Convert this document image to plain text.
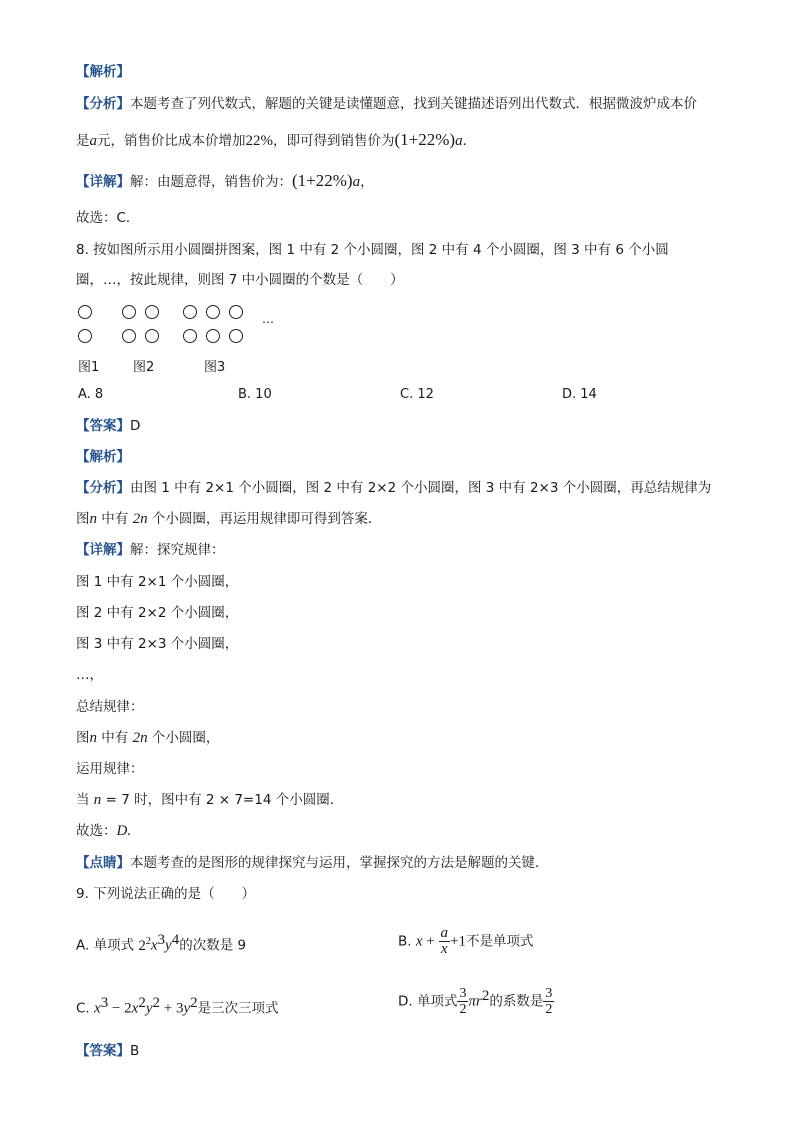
【解析】
【分析】本题考查了列代数式，解题的关键是读懂题意，找到关键描述语列出代数式．根据微波炉成本价
是a元，销售价比成本价增加22%，即可得到销售价为(1+22%)a．
【详解】解：由题意得，销售价为：(1+22%)a，
故选：C．
8. 按如图所示用小圆圈拼图案，图 1 中有 2 个小圆圈，图 2 中有 4 个小圆圈，图 3 中有 6 个小圆
圈，…，按此规律，则图 7 中小圆圈的个数是（　　）
…
图1	图2	图3
A. 8	B. 10	C. 12	D. 14
【答案】D
【解析】
【分析】由图 1 中有 2×1 个小圆圈，图 2 中有 2×2 个小圆圈，图 3 中有 2×3 个小圆圈，再总结规律为
图n 中有 2n 个小圆圈，再运用规律即可得到答案．
【详解】解：探究规律：
图 1 中有 2×1 个小圆圈，
图 2 中有 2×2 个小圆圈，
图 3 中有 2×3 个小圆圈，
…，
总结规律：
图n 中有 2n 个小圆圈，
运用规律：
当 n = 7 时，图中有 2 × 7=14 个小圆圈．
故选：D.
【点睛】本题考查的是图形的规律探究与运用，掌握探究的方法是解题的关键．
9. 下列说法正确的是（　　）
A. 单项式 $2^2x^3y^4$的次数是 9	B. $x + \frac{a}{x} +1$不是单项式
C. $x^3 - 2x^2y^2 + 3y^2$是三次三项式	D. 单项式 $\frac{3}{2} \pi r^2$的系数是 $\frac{3}{2}$
【答案】B
